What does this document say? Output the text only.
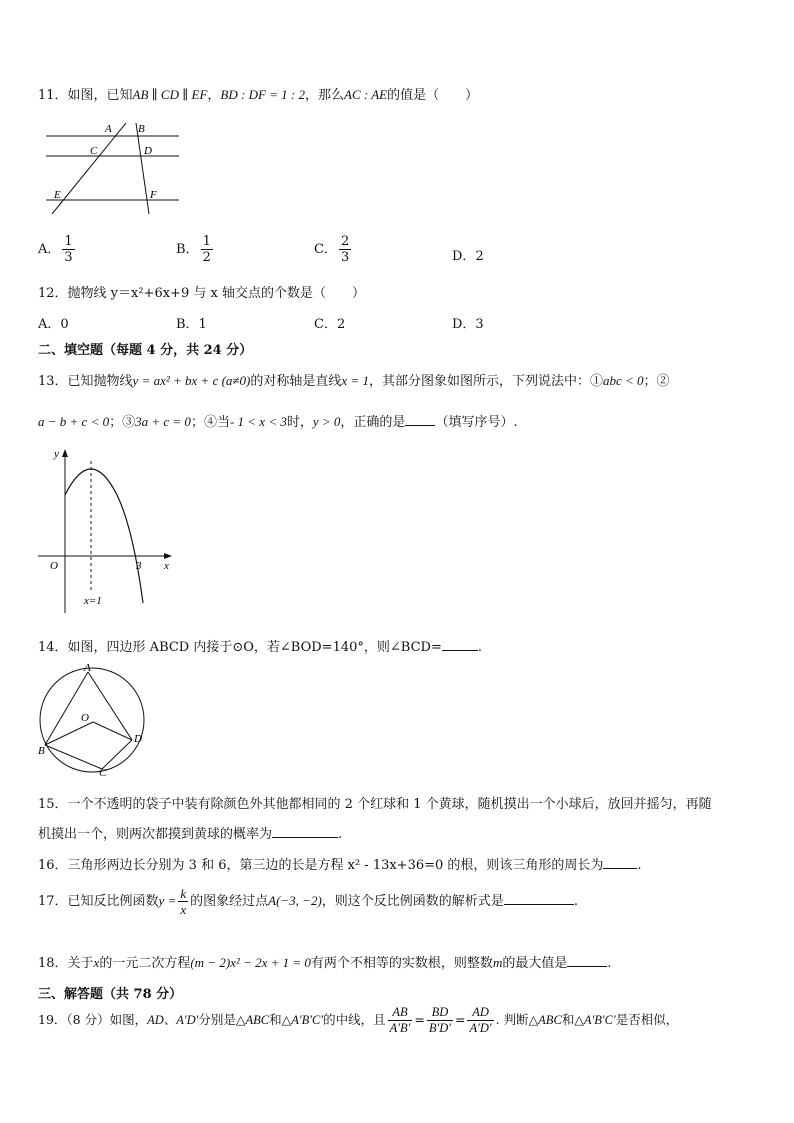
11．如图，已知AB ∥ CD ∥ EF，BD : DF = 1 : 2，那么AC : AE的值是（　　）
A B
C	D
E	F
A． $\frac{1}{3}$	B． $\frac{1}{2}$	C． $\frac{2}{3}$	D．2
12．抛物线 y＝x²+6x+9 与 x 轴交点的个数是（　　）
A．0	B．1	C．2	D．3
二、填空题（每题 4 分，共 24 分）
13．已知抛物线y = ax² + bx + c (a≠0)的对称轴是直线x = 1，其部分图象如图所示，下列说法中：①abc < 0；②
a − b + c < 0；③3a + c = 0；④当- 1 < x < 3时，y > 0，正确的是 （填写序号）.
y
O	3 x
x=1
14．如图，四边形 ABCD 内接于⊙O，若∠BOD=140°，则∠BCD=	.
A
O
B
C
D
15．一个不透明的袋子中装有除颜色外其他都相同的 2 个红球和 1 个黄球，随机摸出一个小球后，放回并摇匀，再随
机摸出一个，则两次都摸到黄球的概率为	.
16．三角形两边长分别为 3 和 6，第三边的长是方程 x² - 13x+36=0 的根，则该三角形的周长为	.
17．已知反比例函数$y = \frac{k}{x}$ 的图象经过点A(−3, −2)，则这个反比例函数的解析式是	.
18．关于x的一元二次方程(m − 2)x² − 2x + 1 = 0有两个不相等的实数根，则整数m的最大值是	.
三、解答题（共 78 分）
19．（8 分）如图，AD、A′D′分别是△ABC和△A′B′C′的中线，且 $\frac{AB}{A'B'} = \frac{BD}{B'D'} = \frac{AD}{A'D'}$ . 判断△ABC和△A′B′C′是否相似，
